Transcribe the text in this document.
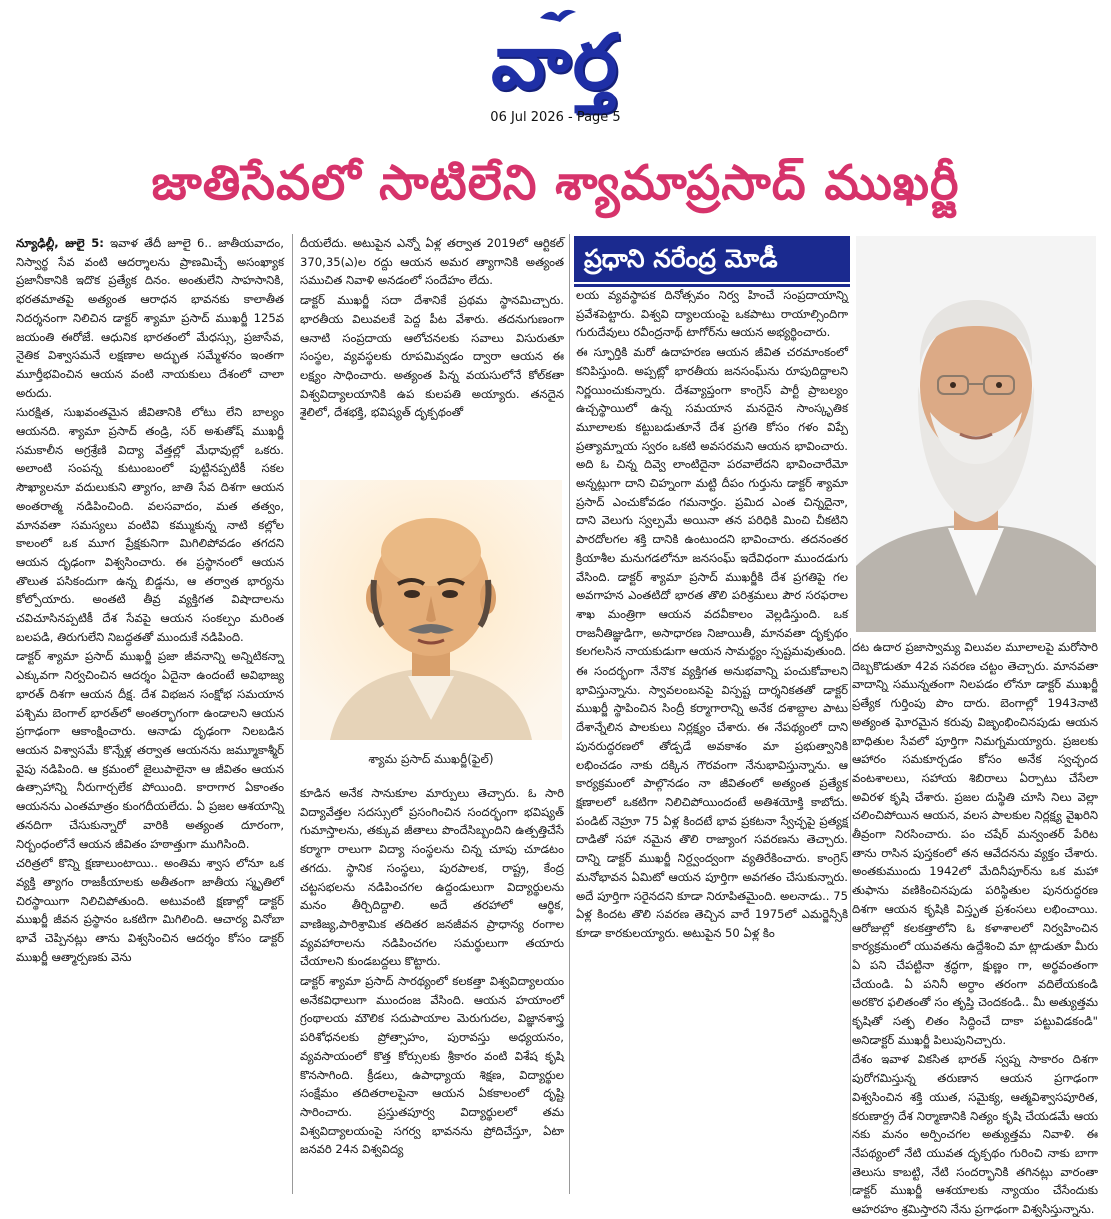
వార్త
06 Jul 2026 - Page 5
జాతిసేవలో సాటిలేని శ్యామాప్రసాద్ ముఖర్జీ

న్యూఢిల్లీ, జులై 5: ఇవాళ తేదీ జూలై 6.. జాతీయవాదం, నిస్వార్థ సేవ వంటి ఆదర్శాలను ప్రాణమిచ్చే అసంఖ్యాక ప్రజానీకానికి ఇదొక ప్రత్యేక దినం. అంతులేని సాహసానికి, భరతమాతపై అత్యంత ఆరాధన భావనకు కాలాతీత నిదర్శనంగా నిలిచిన డాక్టర్ శ్యామా ప్రసాద్ ముఖర్జీ 125వ జయంతి ఈరోజే. ఆధునిక భారతంలో మేధస్సు, ప్రజాసేవ, నైతిక విశ్వాసమనే లక్షణాల అద్భుత సమ్మేళనం ఇంతగా మూర్తీభవించిన ఆయన వంటి నాయకులు దేశంలో చాలా అరుదు.

సురక్షిత, సుఖవంతమైన జీవితానికి లోటు లేని బాల్యం ఆయనది. శ్యామా ప్రసాద్ తండ్రి, సర్ అశుతోష్ ముఖర్జీ సమకాలీన అగ్రశ్రేణి విద్యా వేత్తల్లో మేధావుల్లో ఒకరు. అలాంటి సంపన్న కుటుంబంలో పుట్టినప్పటికీ సకల సౌఖ్యాలనూ వదులుకుని త్యాగం, జాతి సేవ దిశగా ఆయన అంతరాత్మ నడిపించింది. వలసవాదం, మత తత్వం, మానవతా సమస్యలు వంటివి కమ్ముకున్న నాటి కల్లోల కాలంలో ఒక మూగ ప్రేక్షకునిగా మిగిలిపోవడం తగదని ఆయన దృఢంగా విశ్వసించారు. ఈ ప్రస్థానంలో ఆయన తొలుత పసికందుగా ఉన్న బిడ్డను, ఆ తర్వాత భార్యను కోల్పోయారు. అంతటి తీవ్ర వ్యక్తిగత విషాదాలను చవిచూసినప్పటికీ దేశ సేవపై ఆయన సంకల్పం మరింత బలపడి, తిరుగులేని నిబద్ధతతో ముందుకే నడిపింది.

డాక్టర్ శ్యామా ప్రసాద్ ముఖర్జీ ప్రజా జీవనాన్ని అన్నిటికన్నా ఎక్కువగా నిర్వచించిన ఆదర్శం ఏదైనా ఉందంటే అవిభాజ్య భారత్ దిశగా ఆయన దీక్ష. దేశ విభజన సంక్షోభ సమయాన పశ్చిమ బెంగాల్ భారత్‌లో అంతర్భాగంగా ఉండాలని ఆయన ప్రగాఢంగా ఆకాంక్షించారు. ఆనాడు దృఢంగా నిలబడిన ఆయన విశ్వాసమే కొన్నేళ్ల తర్వాత ఆయనను జమ్మూకాశ్మీర్ వైపు నడిపింది. ఆ క్రమంలో జైలుపాలైనా ఆ జీవితం ఆయన ఉత్సాహాన్ని నీరుగార్చలేక పోయింది. కారాగార ఏకాంతం ఆయనను ఎంతమాత్రం కుంగదీయలేదు. ఏ ప్రజల ఆశయాన్ని తనదిగా చేసుకున్నారో వారికి అత్యంత దూరంగా, నిర్బంధంలోనే ఆయన జీవితం హఠాత్తుగా ముగిసింది.

చరిత్రలో కొన్ని క్షణాలుంటాయి.. అంతిమ శ్వాస లోనూ ఒక వ్యక్తి త్యాగం రాజకీయాలకు అతీతంగా జాతీయ స్మృతిలో చిరస్థాయిగా నిలిచిపోతుంది. అటువంటి క్షణాల్లో డాక్టర్ ముఖర్జీ జీవన ప్రస్థానం ఒకటిగా మిగిలింది. ఆచార్య వినోబా భావే చెప్పినట్లు తాను విశ్వసించిన ఆదర్శం కోసం డాక్టర్ ముఖర్జీ ఆత్మార్పణకు వెను

దీయలేదు. అటుపైన ఎన్నో ఏళ్ల తర్వాత 2019లో ఆర్టికల్ 370,35(ఎ)ల రద్దు ఆయన అమర త్యాగానికి అత్యంత సముచిత నివాళి అనడంలో సందేహం లేదు.

డాక్టర్ ముఖర్జీ సదా దేశానికే ప్రథమ స్థానమిచ్చారు. భారతీయ విలువలకే పెద్ద పీట వేశారు. తదనుగుణంగా ఆనాటి సంప్రదాయ ఆలోచనలకు సవాలు విసురుతూ సంస్థల, వ్యవస్థలకు రూపమివ్వడం ద్వారా ఆయన ఈ లక్ష్యం సాధించారు. అత్యంత పిన్న వయసులోనే కోల్‌కతా విశ్వవిద్యాలయానికి ఉప కులపతి అయ్యారు. తనదైన శైలిలో, దేశభక్తి, భవిష్యత్ దృక్పథంతో

శ్యామ ప్రసాద్ ముఖర్జీ(ఫైల్)

కూడిన అనేక సానుకూల మార్పులు తెచ్చారు. ఓ సారి విద్యావేత్తల సదస్సులో ప్రసంగించిన సందర్భంగా భవిష్యత్ గుమాస్తాలను, తక్కువ జీతాలు పొందేసిబ్బందిని ఉత్పత్తిచేసే కర్మాగా రాలుగా విద్యా సంస్థలను చిన్న చూపు చూడటం తగదు. స్థానిక సంస్థలు, పురపాలక, రాష్ట్ర, కేంద్ర చట్టసభలను నడిపించగల ఉద్దండులుగా విద్యార్థులను మనం తీర్చిదిద్దాలి. అదే తరహాలో ఆర్థిక, వాణిజ్య,పారిశ్రామిక తదితర జనజీవన ప్రాధాన్య రంగాల వ్యవహారాలను నడిపించగల సమర్థులుగా తయారు చేయాలని కుండబద్దలు కొట్టారు.

డాక్టర్ శ్యామా ప్రసాద్ సారథ్యంలో కలకత్తా విశ్వవిద్యాలయం అనేకవిధాలుగా ముందంజ వేసింది. ఆయన హయాంలో గ్రంథాలయ మౌలిక సదుపాయాల మెరుగుదల, విజ్ఞానశాస్త్ర పరిశోధనలకు ప్రోత్సాహం, పురావస్తు అధ్యయనం, వ్యవసాయంలో కొత్త కోర్సులకు శ్రీకారం వంటి విశేష కృషి కొనసాగింది. క్రీడలు, ఉపాధ్యాయ శిక్షణ, విద్యార్థుల సంక్షేమం తదితరాలపైనా ఆయన ఏకకాలంలో దృష్టి సారించారు. ప్రస్తుతపూర్వ విద్యార్థులలో తమ విశ్వవిద్యాలయంపై సగర్వ భావనను ప్రోదిచేస్తూ, ఏటా జనవరి 24న విశ్వవిద్య

ప్రధాని నరేంద్ర మోడీ

లయ వ్యవస్థాపక దినోత్సవం నిర్వ హించే సంప్రదాయాన్ని ప్రవేశపెట్టారు. విశ్వవి ద్యాలయంపై ఒకపాటు రాయాల్సిందిగా గురుదేవులు రవీంద్రనాథ్ టాగోర్‌ను ఆయన అభ్యర్థించారు.

ఈ స్ఫూర్తికి మరో ఉదాహరణ ఆయన జీవిత చరమాంకంలో కనిపిస్తుంది. అప్పట్లో భారతీయ జనసంఘ్‌ను రూపుదిద్దాలని నిర్ణయించుకున్నారు. దేశవ్యాప్తంగా కాంగ్రెస్ పార్టీ ప్రాబల్యం ఉచ్చస్థాయిలో ఉన్న సమయాన మనదైన సాంస్కృతిక మూలాలకు కట్టుబడుతూనే దేశ ప్రగతి కోసం గళం విప్పే ప్రత్యామ్నాయ స్వరం ఒకటి అవసరమని ఆయన భావించారు. అది ఓ చిన్న దివ్వె లాంటిదైనా పరవాలేదని భావించారేమో అన్నట్లుగా దాని చిహ్నంగా మట్టి దీపం గుర్తును డాక్టర్ శ్యామా ప్రసాద్ ఎంచుకోవడం గమనార్హం. ప్రమిద ఎంత చిన్నదైనా, దాని వెలుగు స్వల్పమే అయినా తన పరిధికి మించి చీకటిని పారదోలగల శక్తి దానికి ఉంటుందని భావించారు. తదనంతర క్రియాశీల మనుగడలోనూ జనసంఘ్ ఇదేవిధంగా ముందడుగు వేసింది. డాక్టర్ శ్యామా ప్రసాద్ ముఖర్జీకి దేశ ప్రగతిపై గల అవగాహన ఎంతటిదో భారత తొలి పరిశ్రమలు పౌర సరఫరాల శాఖ మంత్రిగా ఆయన వదవీకాలం వెల్లడిస్తుంది. ఒక రాజనీతిజ్ఞుడిగా, అసాధారణ నిజాయితీ, మానవతా దృక్పథం కలగలసిన నాయకుడుగా ఆయన సామర్థ్యం స్పష్టమవుతుంది.

ఈ సందర్భంగా నేనొక వ్యక్తిగత అనుభవాన్ని పంచుకోవాలని భావిస్తున్నాను. స్వావలంబనపై విస్పష్ట దార్శనికతతో డాక్టర్ ముఖర్జీ స్థాపించిన సింద్రీ కర్మాగారాన్ని అనేక దశాబ్దాల పాటు దేశాన్నేలిన పాలకులు నిర్లక్ష్యం చేశారు. ఈ నేపథ్యంలో దాని పునరుద్ధరణలో తోడ్పడే అవకాశం మా ప్రభుత్వానికి లభించడం నాకు దక్కిన గౌరవంగా నేనుభావిస్తున్నాను. ఆ కార్యక్రమంలో పాల్గొనడం నా జీవితంలో అత్యంత ప్రత్యేక క్షణాలలో ఒకటిగా నిలిచిపోయిందంటే అతిశయోక్తి కాబోదు. పండిట్ నెహ్రూ 75 ఏళ్ల కిందటే భావ ప్రకటనా స్వేచ్ఛపై ప్రత్యక్ష దాడితో సహా నమైన తొలి రాజ్యాంగ సవరణను తెచ్చారు. దాన్ని డాక్టర్ ముఖర్జీ నిర్ద్వంద్వంగా వ్యతిరేకించారు. కాంగ్రెస్ మనోభావన ఏమిటో ఆయన పూర్తిగా అవగతం చేసుకున్నారు. అదే పూర్తిగా సరైనదని కూడా నిరూపితమైంది. అలనాడు.. 75 ఏళ్ల కిందట తొలి సవరణ తెచ్చిన వారే 1975లో ఎమర్జెన్సీకి కూడా కారకులయ్యారు. అటుపైన 50 ఏళ్ల కిం

దట ఉదార ప్రజాస్వామ్య విలువల మూలాలపై మరోసారి దెబ్బకొడుతూ 42వ సవరణ చట్టం తెచ్చారు. మానవతా వాదాన్ని సమున్నతంగా నిలపడం లోనూ డాక్టర్ ముఖర్జీ ప్రత్యేక గుర్తింపు పొం దారు. బెంగాల్లో 1943నాటి అత్యంత ఘోరమైన కరువు విజృంభించినపుడు ఆయన బాధితుల సేవలో పూర్తిగా నిమగ్నమయ్యారు. ప్రజలకు ఆహారం సమకూర్చడం కోసం అనేక స్వచ్ఛంద వంటశాలలు, సహాయ శిబిరాలు ఏర్పాటు చేసేలా అవిరళ కృషి చేశారు. ప్రజల దుస్థితి చూసి నిలు వెల్లా చలించిపోయిన ఆయన, వలస పాలకుల నిర్లక్ష్య వైఖరిని తీవ్రంగా నిరసించారు. పం చషేర్ మన్వంతర్ పేరిట తాను రాసిన పుస్తకంలో తన ఆవేదనను వ్యక్తం చేశారు. అంతకుముందు 1942లో మేదినీపూర్‌ను ఒక మహా తుఫాను వణికించినపుడు పరిస్థితుల పునరుద్ధరణ దిశగా ఆయన కృషికి విస్తృత ప్రశంసలు లభించాయి. ఆరోజుల్లో కలకత్తాలోని ఓ కళాశాలలో నిర్వహించిన కార్యక్రమంలో యువతను ఉద్దేశించి మా ట్లాడుతూ మీరు ఏ పని చేపట్టినా శ్రద్ధగా, క్షుణ్ణం గా, అర్థవంతంగా చేయండి. ఏ పనినీ అర్ధాం తరంగా వదిలేయకండి అరకొర ఫలితంతో సం తృప్తి చెందకండి.. మీ అత్యుత్తమ కృషితో సత్ఫ లితం సిద్ధించే దాకా పట్టువిడకండి" అనిడాక్టర్ ముఖర్జీ పిలుపునిచ్చారు.

దేశం ఇవాళ వికసిత భారత్ స్వప్న సాకారం దిశగా పురోగమిస్తున్న తరుణాన ఆయన ప్రగాఢంగా విశ్వసించిన శక్తి యుత, సమైక్య, ఆత్మవిశ్వాసపూరిత, కరుణార్ద్ర దేశ నిర్మాణానికి నిత్యం కృషి చేయడమే ఆయ నకు మనం అర్పించగల అత్యుత్తమ నివాళి. ఈ నేపథ్యంలో నేటి యువత దృక్పథం గురించి నాకు బాగా తెలుసు కాబట్టి, నేటి సందర్భానికి తగినట్లు వారంతా డాక్టర్ ముఖర్జీ ఆశయాలకు న్యాయం చేసేందుకు ఆహరహం శ్రమిస్తారని నేను ప్రగాఢంగా విశ్వసిస్తున్నాను.
